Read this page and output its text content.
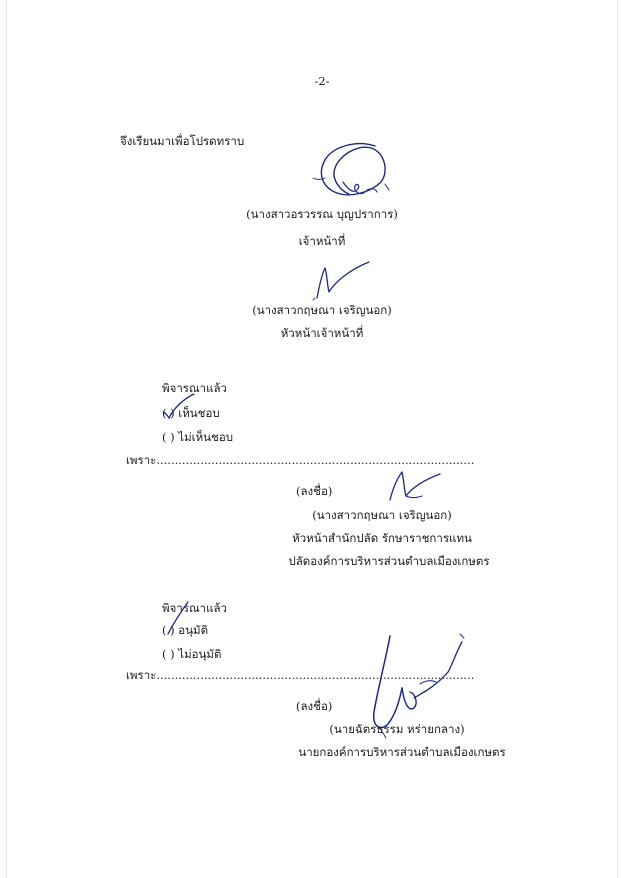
-2-
จึงเรียนมาเพื่อโปรดทราบ
(นางสาวอรวรรณ บุญปราการ)
เจ้าหน้าที่
(นางสาวกฤษณา เจริญนอก)
หัวหน้าเจ้าหน้าที่
พิจารณาแล้ว
( ) เห็นชอบ
( ) ไม่เห็นชอบ
เพราะ.......................................................................................
(ลงชื่อ)
(นางสาวกฤษณา เจริญนอก)
หัวหน้าสำนักปลัด รักษาราชการแทน
ปลัดองค์การบริหารส่วนตำบลเมืองเกษตร
พิจารณาแล้ว
( ) อนุมัติ
( ) ไม่อนุมัติ
เพราะ.......................................................................................
(ลงชื่อ)
(นายฉัตรธรรม หร่ายกลาง)
นายกองค์การบริหารส่วนตำบลเมืองเกษตร
